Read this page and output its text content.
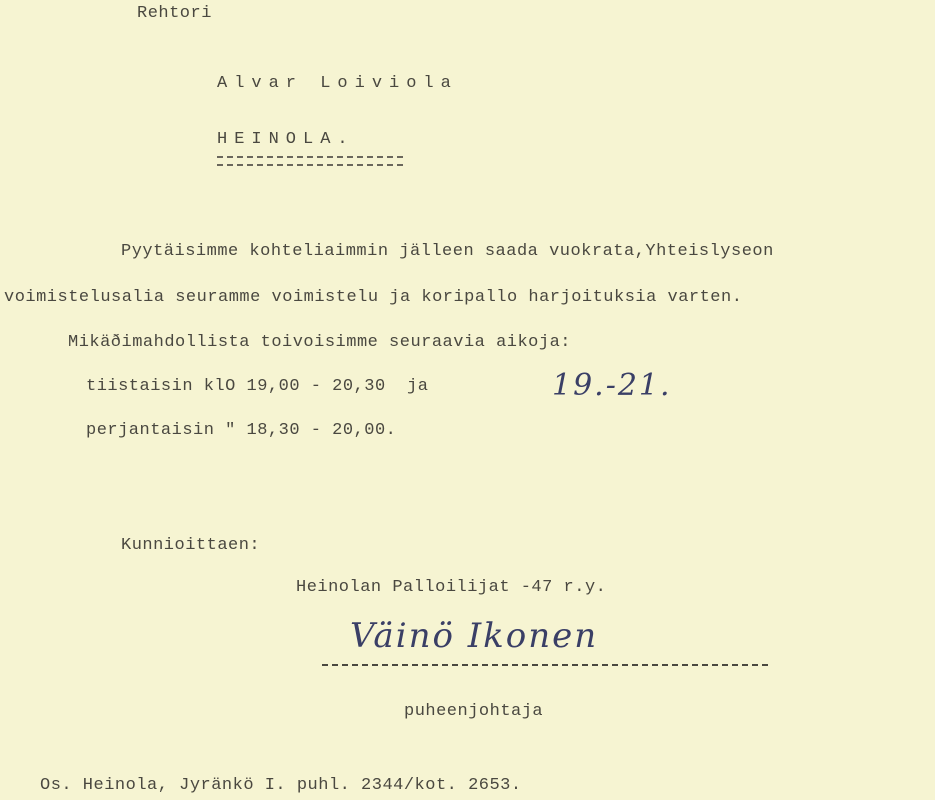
Rehtori
Alvar Loiviola
HEINOLA.
Pyytäisimme kohteliaimmin jälleen saada vuokrata,Yhteislyseon
voimistelusalia seuramme voimistelu ja koripallo harjoituksia varten.
Mikäðimahdollista toivoisimme seuraavia aikoja:
tiistaisin klO 19,00 - 20,30  ja	19.-21.
perjantaisin " 18,30 - 20,00.
Kunnioittaen:
Heinolan Palloilijat -47 r.y.
Väinö Ikonen
puheenjohtaja
Os. Heinola, Jyränkö I. puhl. 2344/kot. 2653.
